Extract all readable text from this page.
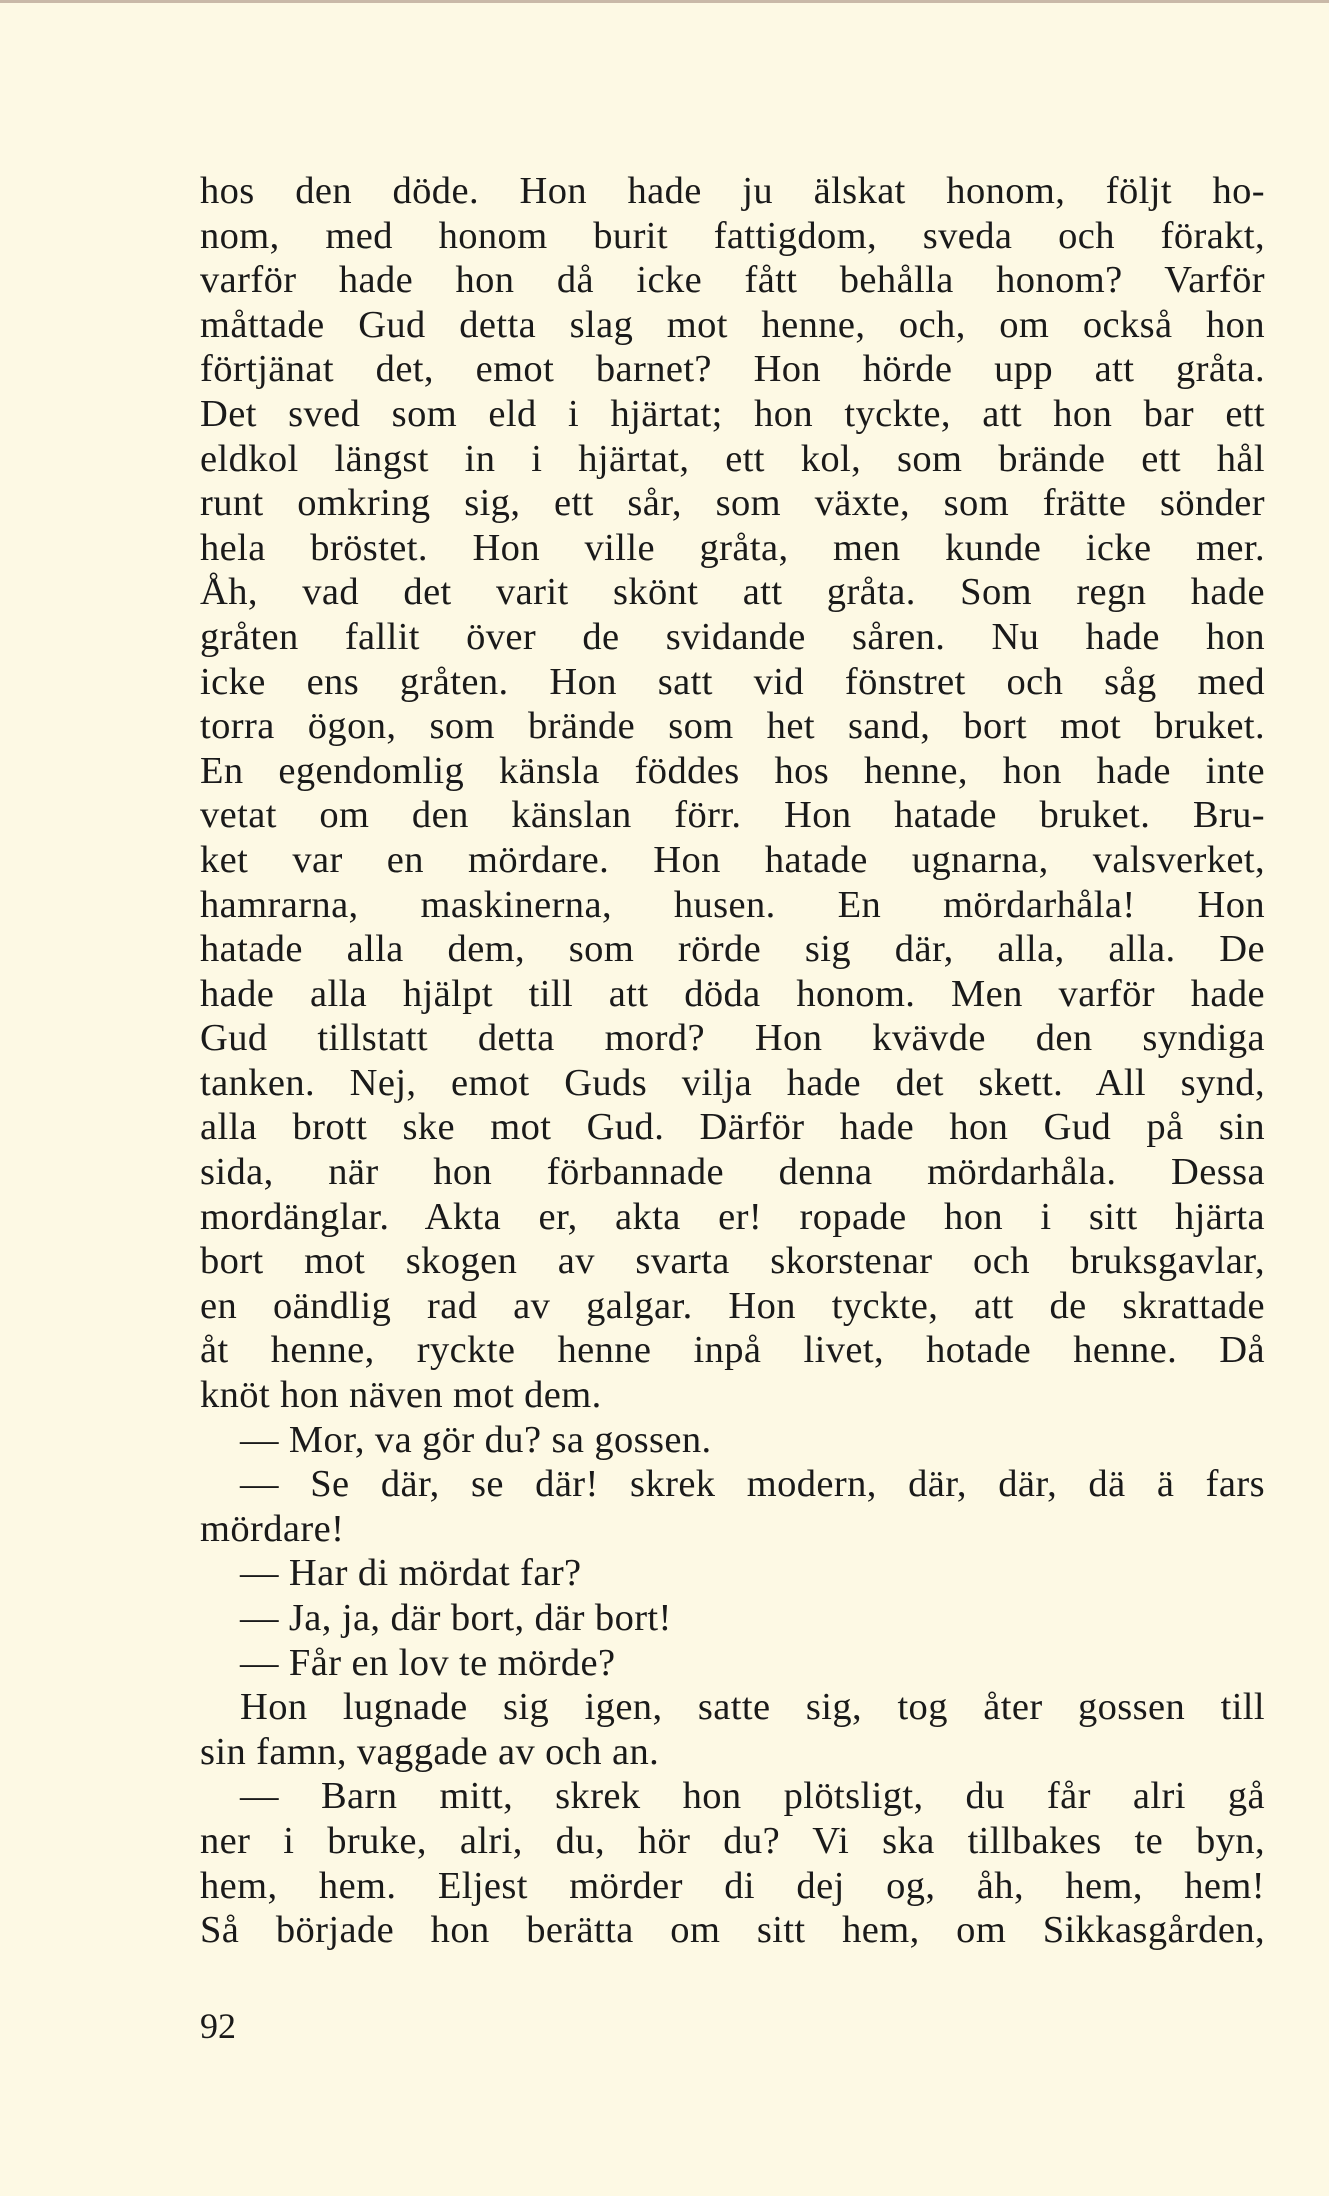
hos den döde. Hon hade ju älskat honom, följt ho-
nom, med honom burit fattigdom, sveda och förakt,
varför hade hon då icke fått behålla honom? Varför
måttade Gud detta slag mot henne, och, om också hon
förtjänat det, emot barnet? Hon hörde upp att gråta.
Det sved som eld i hjärtat; hon tyckte, att hon bar ett
eldkol längst in i hjärtat, ett kol, som brände ett hål
runt omkring sig, ett sår, som växte, som frätte sönder
hela bröstet. Hon ville gråta, men kunde icke mer.
Åh, vad det varit skönt att gråta. Som regn hade
gråten fallit över de svidande såren. Nu hade hon
icke ens gråten. Hon satt vid fönstret och såg med
torra ögon, som brände som het sand, bort mot bruket.
En egendomlig känsla föddes hos henne, hon hade inte
vetat om den känslan förr. Hon hatade bruket. Bru-
ket var en mördare. Hon hatade ugnarna, valsverket,
hamrarna, maskinerna, husen. En mördarhåla! Hon
hatade alla dem, som rörde sig där, alla, alla. De
hade alla hjälpt till att döda honom. Men varför hade
Gud tillstatt detta mord? Hon kvävde den syndiga
tanken. Nej, emot Guds vilja hade det skett. All synd,
alla brott ske mot Gud. Därför hade hon Gud på sin
sida, när hon förbannade denna mördarhåla. Dessa
mordänglar. Akta er, akta er! ropade hon i sitt hjärta
bort mot skogen av svarta skorstenar och bruksgavlar,
en oändlig rad av galgar. Hon tyckte, att de skrattade
åt henne, ryckte henne inpå livet, hotade henne. Då
knöt hon näven mot dem.
— Mor, va gör du? sa gossen.
— Se där, se där! skrek modern, där, där, dä ä fars
mördare!
— Har di mördat far?
— Ja, ja, där bort, där bort!
— Får en lov te mörde?
Hon lugnade sig igen, satte sig, tog åter gossen till
sin famn, vaggade av och an.
— Barn mitt, skrek hon plötsligt, du får alri gå
ner i bruke, alri, du, hör du? Vi ska tillbakes te byn,
hem, hem. Eljest mörder di dej og, åh, hem, hem!
Så började hon berätta om sitt hem, om Sikkasgården,
92
